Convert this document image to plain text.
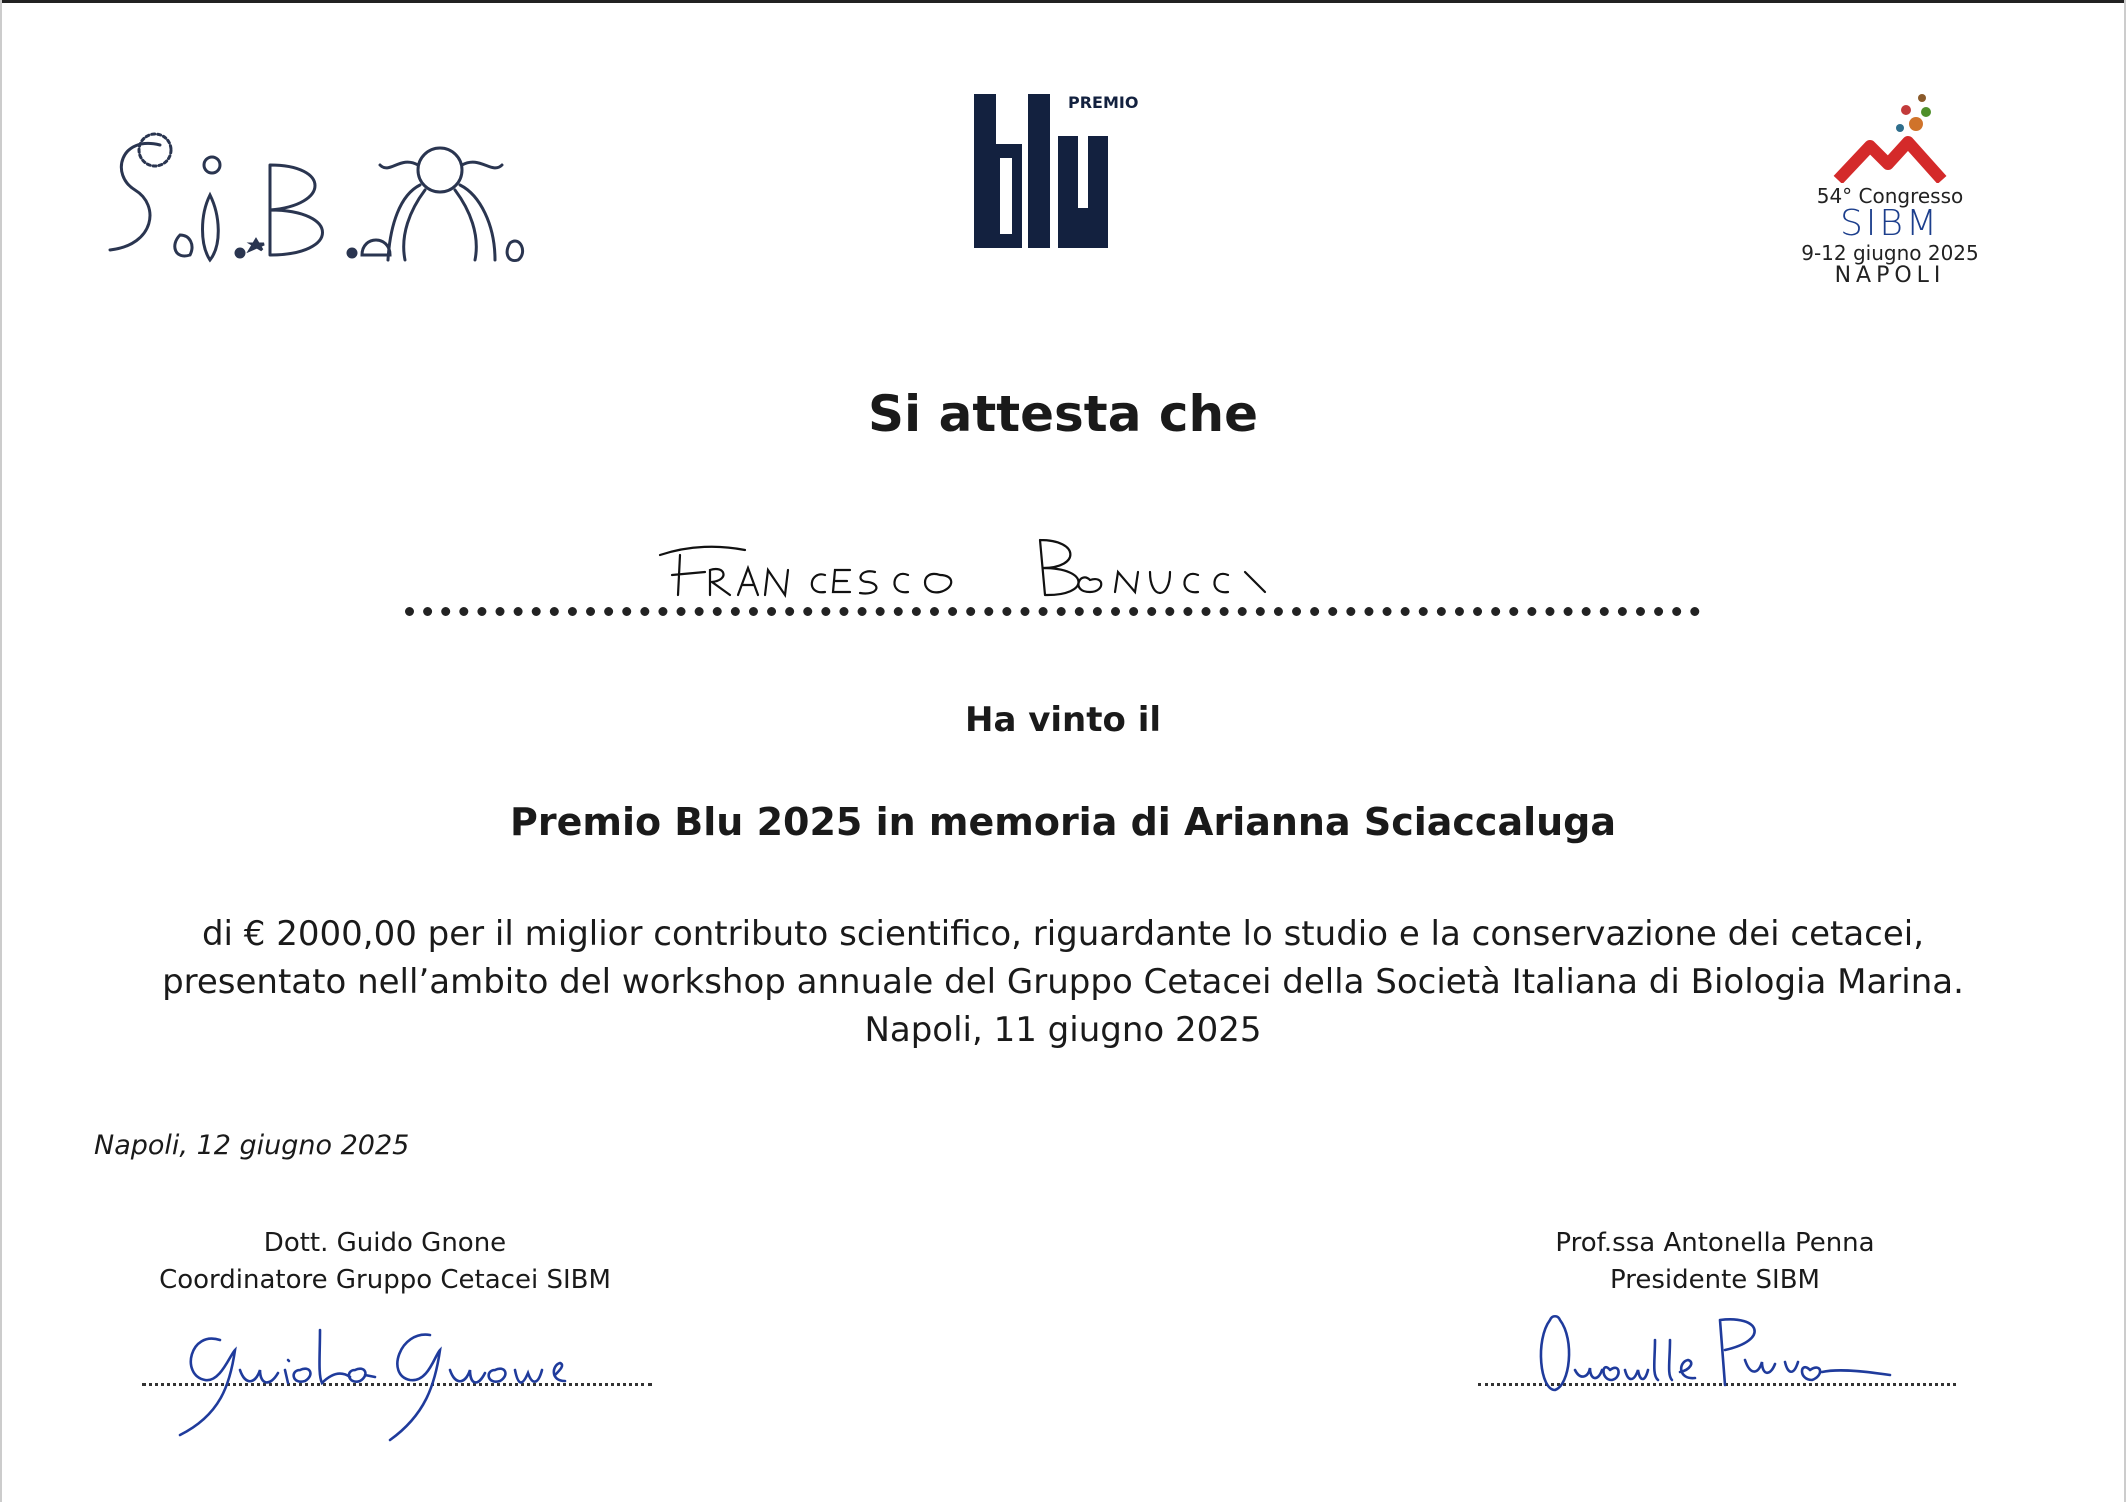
PREMIO
54° Congresso
SIBM
9-12 giugno 2025
NAPOLI
Si attesta che
Ha vinto il
Premio Blu 2025 in memoria di Arianna Sciaccaluga
di € 2000,00 per il miglior contributo scientifico, riguardante lo studio e la conservazione dei cetacei,
presentato nell’ambito del workshop annuale del Gruppo Cetacei della Società Italiana di Biologia Marina.
Napoli, 11 giugno 2025
Napoli, 12 giugno 2025
Dott. Guido Gnone
Coordinatore Gruppo Cetacei SIBM
Prof.ssa Antonella Penna
Presidente SIBM
